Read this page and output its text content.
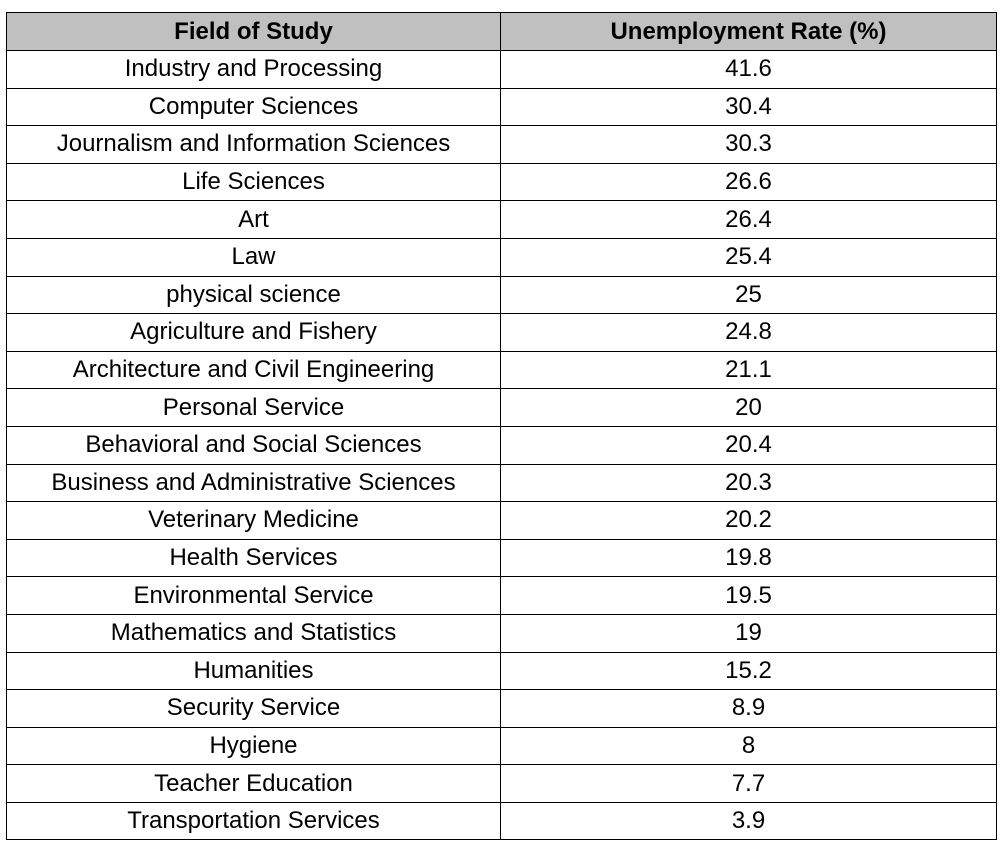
Field of Study	Unemployment Rate (%)
Industry and Processing	41.6
Computer Sciences	30.4
Journalism and Information Sciences	30.3
Life Sciences	26.6
Art	26.4
Law	25.4
physical science	25
Agriculture and Fishery	24.8
Architecture and Civil Engineering	21.1
Personal Service	20
Behavioral and Social Sciences	20.4
Business and Administrative Sciences	20.3
Veterinary Medicine	20.2
Health Services	19.8
Environmental Service	19.5
Mathematics and Statistics	19
Humanities	15.2
Security Service	8.9
Hygiene	8
Teacher Education	7.7
Transportation Services	3.9
